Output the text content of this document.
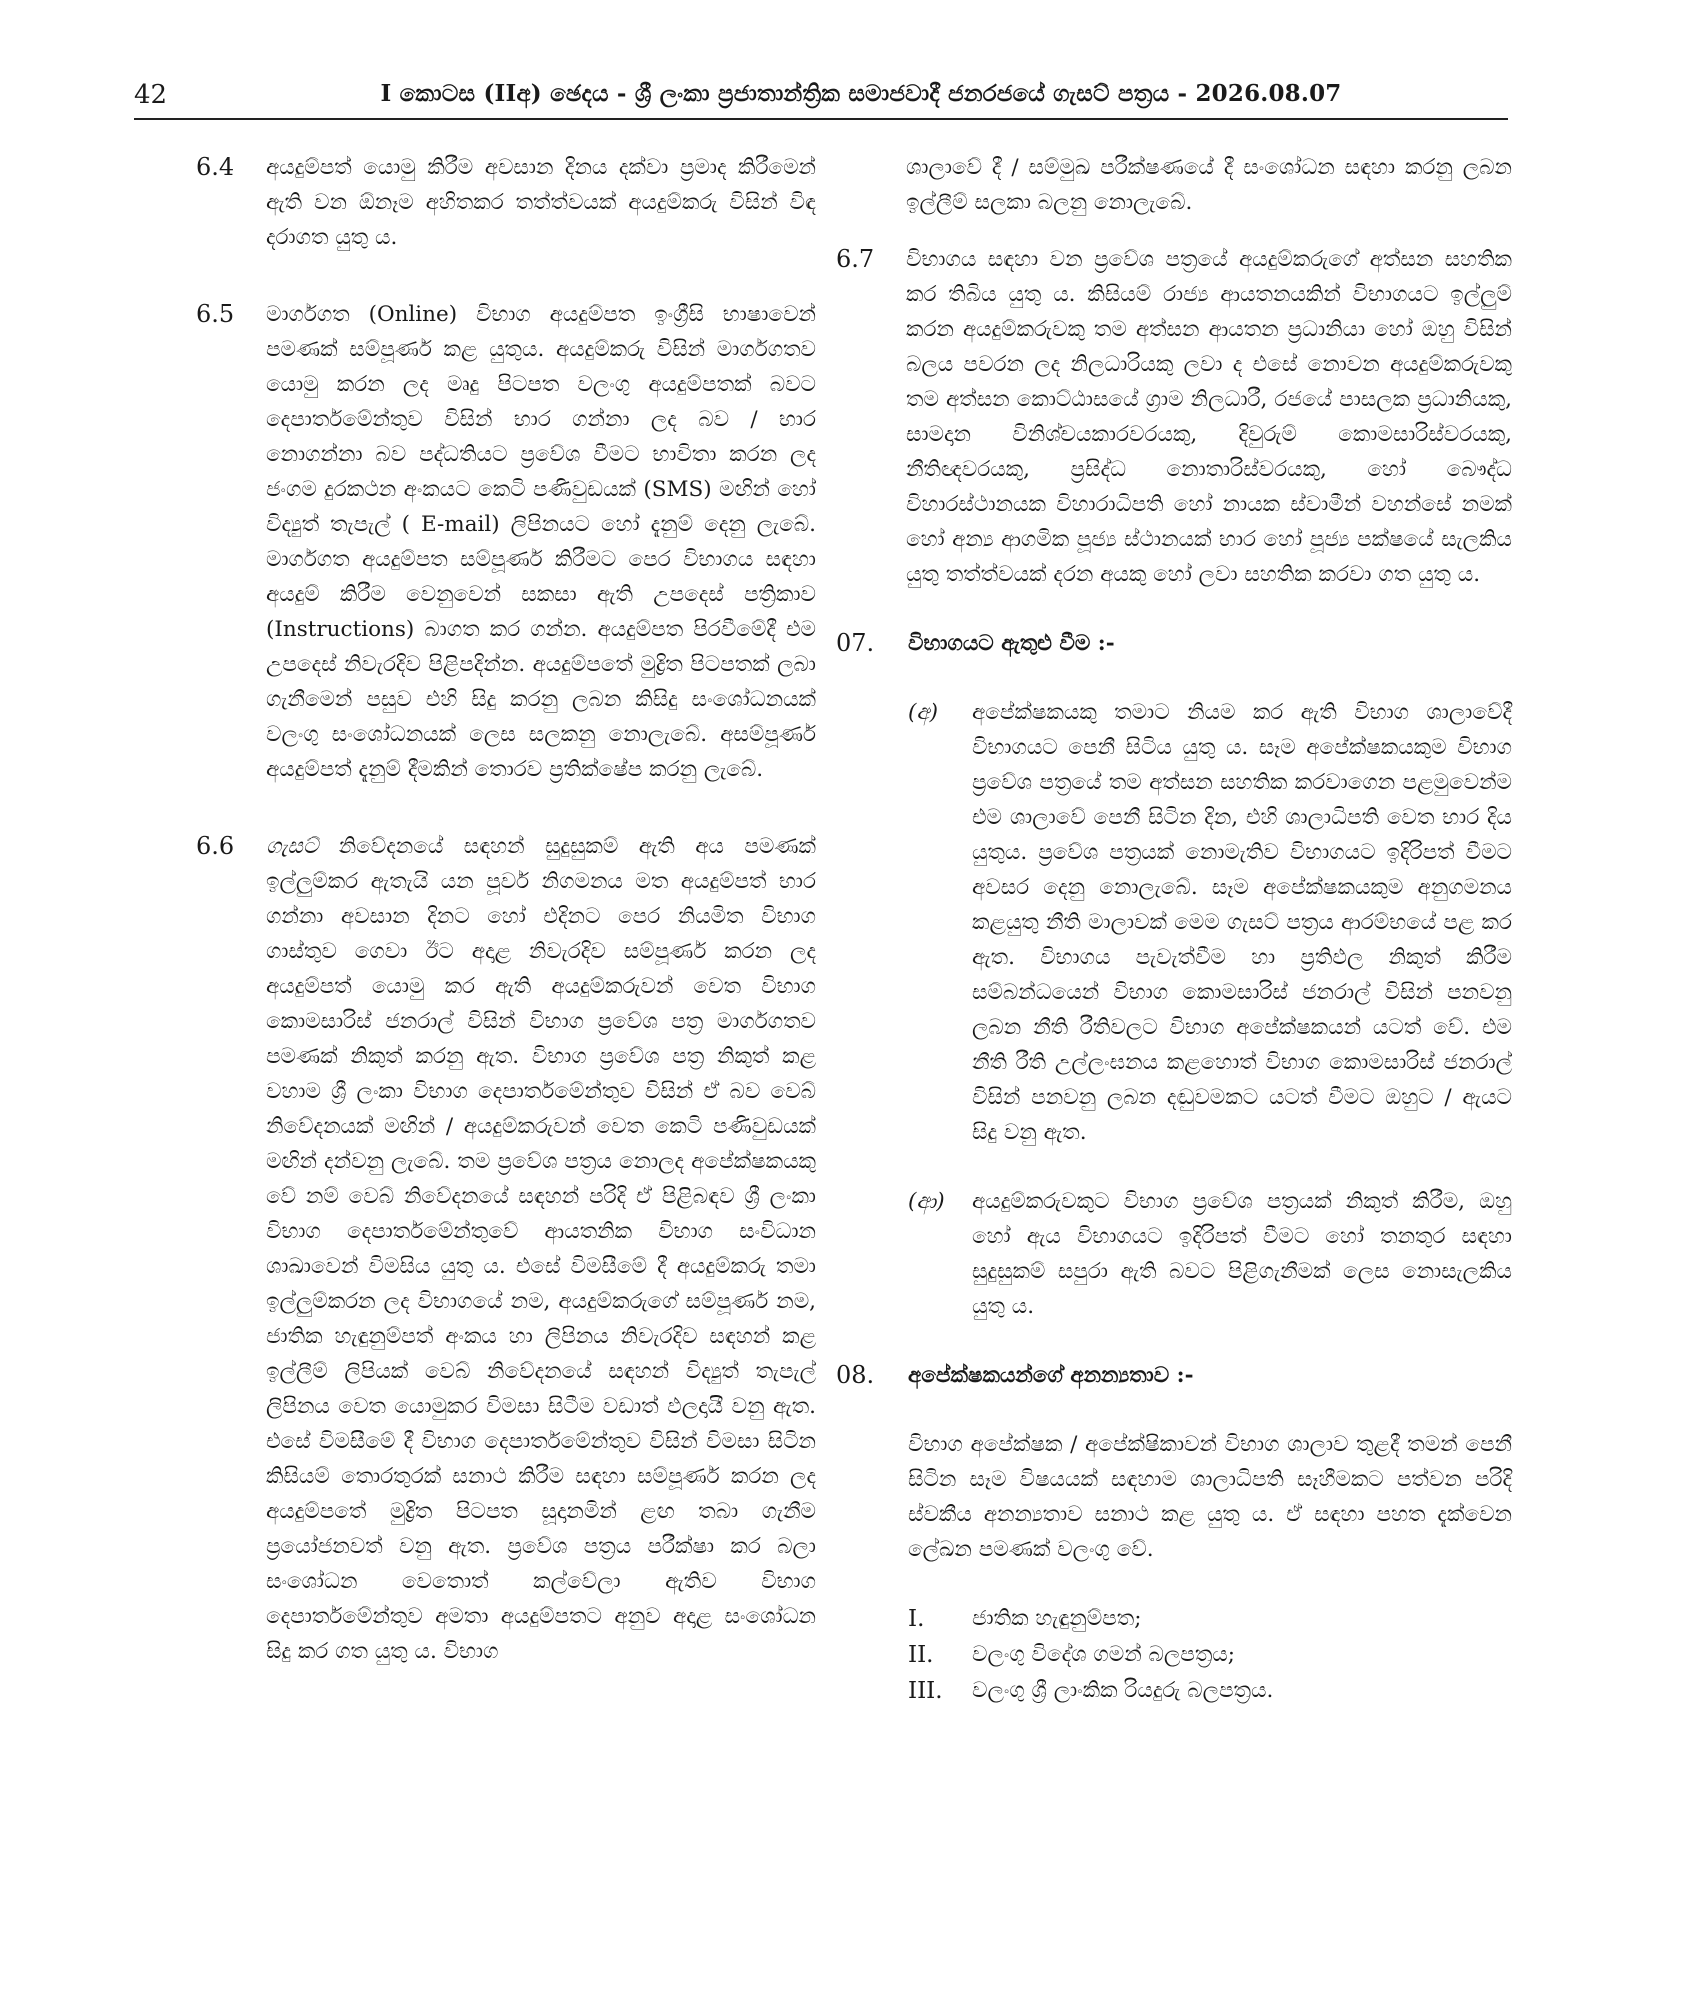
42	I කොටස (IIඅ) ඡෙදය - ශ්‍රී ලංකා ප්‍රජාතාන්ත්‍රික සමාජවාදී ජනරජයේ ගැසට් පත්‍රය - 2026.08.07
6.4 අයදුම්පත් යොමු කිරීම අවසාන දිනය දක්වා ප්‍රමාද කිරීමෙන් ඇති වන ඕනෑම අහිතකර තත්ත්වයක් අයදුම්කරු විසින් විඳ දරාගත යුතු ය.
6.5 මාර්ගගත (Online) විභාග අයදුම්පත ඉංග්‍රීසි භාෂාවෙන් පමණක් සම්පූර්ණ කළ යුතුය. අයදුම්කරු විසින් මාර්ගගතව යොමු කරන ලද මෘදු පිටපත වලංගු අයදුම්පතක් බවට දෙපාර්තමේන්තුව විසින් භාර ගන්නා ලද බව / භාර නොගන්නා බව පද්ධතියට ප්‍රවේශ වීමට භාවිතා කරන ලද ජංගම දුරකථන අංකයට කෙටි පණිවුඩයක් (SMS) මඟින් හෝ විද්‍යුත් තැපැල් ( E-mail) ලිපිනයට හෝ දැනුම් දෙනු ලැබේ. මාර්ගගත අයදුම්පත සම්පූර්ණ කිරීමට පෙර විභාගය සඳහා අයදුම් කිරීම වෙනුවෙන් සකසා ඇති උපදෙස් පත්‍රිකාව (Instructions) බාගත කර ගන්න. අයදුම්පත පිරවීමේදී එම උපදෙස් නිවැරදිව පිළිපදින්න. අයදුම්පතේ මුද්‍රිත පිටපතක් ලබා ගැනීමෙන් පසුව එහි සිදු කරනු ලබන කිසිදු සංශෝධනයක් වලංගු සංශෝධනයක් ලෙස සලකනු නොලැබේ. අසම්පූර්ණ අයදුම්පත් දැනුම් දීමකින් තොරව ප්‍රතික්ෂේප කරනු ලැබේ.
6.6 ගැසට් නිවේදනයේ සඳහන් සුදුසුකම් ඇති අය පමණක් ඉල්ලුම්කර ඇතැයි යන පූර්ව නිගමනය මත අයදුම්පත් භාර ගන්නා අවසාන දිනට හෝ එදිනට පෙර නියමිත විභාග ගාස්තුව ගෙවා ඊට අදාළ නිවැරදිව සම්පූර්ණ කරන ලද අයදුම්පත් යොමු කර ඇති අයදුම්කරුවන් වෙත විභාග කොමසාරිස් ජනරාල් විසින් විභාග ප්‍රවේශ පත්‍ර මාර්ගගතව පමණක් නිකුත් කරනු ඇත. විභාග ප්‍රවේශ පත්‍ර නිකුත් කළ වහාම ශ්‍රී ලංකා විභාග දෙපාර්තමේන්තුව විසින් ඒ බව වෙබ් නිවේදනයක් මඟින් / අයදුම්කරුවන් වෙත කෙටි පණිවුඩයක් මඟින් දන්වනු ලැබේ. තම ප්‍රවේශ පත්‍රය නොලද අපේක්ෂකයකු වේ නම් වෙබ් නිවේදනයේ සඳහන් පරිදි ඒ පිළිබඳව ශ්‍රී ලංකා විභාග දෙපාර්තමේන්තුවේ ආයතනික විභාග සංවිධාන ශාඛාවෙන් විමසිය යුතු ය. එසේ විමසීමේ දී අයදුම්කරු තමා ඉල්ලුම්කරන ලද විභාගයේ නම, අයදුම්කරුගේ සම්පූර්ණ නම, ජාතික හැඳුනුම්පත් අංකය හා ලිපිනය නිවැරදිව සඳහන් කළ ඉල්ලීම් ලිපියක් වෙබ් නිවේදනයේ සඳහන් විද්‍යුත් තැපැල් ලිපිනය වෙත යොමුකර විමසා සිටීම වඩාත් ඵලදායී වනු ඇත. එසේ විමසීමේ දී විභාග දෙපාර්තමේන්තුව විසින් විමසා සිටින කිසියම් තොරතුරක් සනාථ කිරීම සඳහා සම්පූර්ණ කරන ලද අයදුම්පතේ මුද්‍රිත පිටපත සූදානමින් ළඟ තබා ගැනීම ප්‍රයෝජනවත් වනු ඇත. ප්‍රවේශ පත්‍රය පරීක්ෂා කර බලා සංශෝධන වෙතොත් කල්වේලා ඇතිව විභාග දෙපාර්තමේන්තුව අමතා අයදුම්පතට අනුව අදාළ සංශෝධන සිදු කර ගත යුතු ය. විභාග
ශාලාවේ දී / සම්මුඛ පරීක්ෂණයේ දී සංශෝධන සඳහා කරනු ලබන ඉල්ලීම් සලකා බලනු නොලැබේ.
6.7 විභාගය සඳහා වන ප්‍රවේශ පත්‍රයේ අයදුම්කරුගේ අත්සන සහතික කර තිබිය යුතු ය. කිසියම් රාජ්‍ය ආයතනයකින් විභාගයට ඉල්ලුම් කරන අයදුම්කරුවකු තම අත්සන ආයතන ප්‍රධානියා හෝ ඔහු විසින් බලය පවරන ලද නිලධාරියකු ලවා ද එසේ නොවන අයදුම්කරුවකු තම අත්සන කොට්ඨාසයේ ග්‍රාම නිලධාරී, රජයේ පාසලක ප්‍රධානියකු, සාමදාන විනිශ්චයකාරවරයකු, දිවුරුම් කොමසාරිස්වරයකු, නීතිඥවරයකු, ප්‍රසිද්ධ නොතාරිස්වරයකු, හෝ බෞද්ධ විහාරස්ථානයක විහාරාධිපති හෝ නායක ස්වාමීන් වහන්සේ නමක් හෝ අන්‍ය ආගමික පූජ්‍ය ස්ථානයක් භාර හෝ පූජ්‍ය පක්ෂයේ සැලකිය යුතු තත්ත්වයක් දරන අයකු හෝ ලවා සහතික කරවා ගත යුතු ය.
07. විභාගයට ඇතුළු වීම :-
(අ) අපේක්ෂකයකු තමාට නියම කර ඇති විභාග ශාලාවේදී විභාගයට පෙනී සිටිය යුතු ය. සෑම අපේක්ෂකයකුම විභාග ප්‍රවේශ පත්‍රයේ තම අත්සන සහතික කරවාගෙන පළමුවෙන්ම එම ශාලාවේ පෙනී සිටින දින, එහි ශාලාධිපති වෙත භාර දිය යුතුය. ප්‍රවේශ පත්‍රයක් නොමැතිව විභාගයට ඉදිරිපත් වීමට අවසර දෙනු නොලැබේ. සෑම අපේක්ෂකයකුම අනුගමනය කළයුතු නීති මාලාවක් මෙම ගැසට් පත්‍රය ආරම්භයේ පළ කර ඇත. විභාගය පැවැත්වීම හා ප්‍රතිඵල නිකුත් කිරීම සම්බන්ධයෙන් විභාග කොමසාරිස් ජනරාල් විසින් පනවනු ලබන නීති රීතිවලට විභාග අපේක්ෂකයන් යටත් වේ. එම නීති රීති උල්ලංඝනය කළහොත් විභාග කොමසාරිස් ජනරාල් විසින් පනවනු ලබන දඬුවමකට යටත් වීමට ඔහුට / ඇයට සිදු වනු ඇත.
(ආ) අයදුම්කරුවකුට විභාග ප්‍රවේශ පත්‍රයක් නිකුත් කිරීම, ඔහු හෝ ඇය විභාගයට ඉදිරිපත් වීමට හෝ තනතුර සඳහා සුදුසුකම් සපුරා ඇති බවට පිළිගැනීමක් ලෙස නොසැලකිය යුතු ය.
08. අපේක්ෂකයන්ගේ අනන්‍යතාව :-
විභාග අපේක්ෂක / අපේක්ෂිකාවන් විභාග ශාලාව තුළදී තමන් පෙනී සිටින සෑම විෂයයක් සඳහාම ශාලාධිපති සෑහීමකට පත්වන පරිදි ස්වකීය අනන්‍යතාව සනාථ කළ යුතු ය. ඒ සඳහා පහත දැක්වෙන ලේඛන පමණක් වලංගු වේ.
I. ජාතික හැඳුනුම්පත;
II. වලංගු විදේශ ගමන් බලපත්‍රය;
III. වලංගු ශ්‍රී ලාංකික රියදුරු බලපත්‍රය.
